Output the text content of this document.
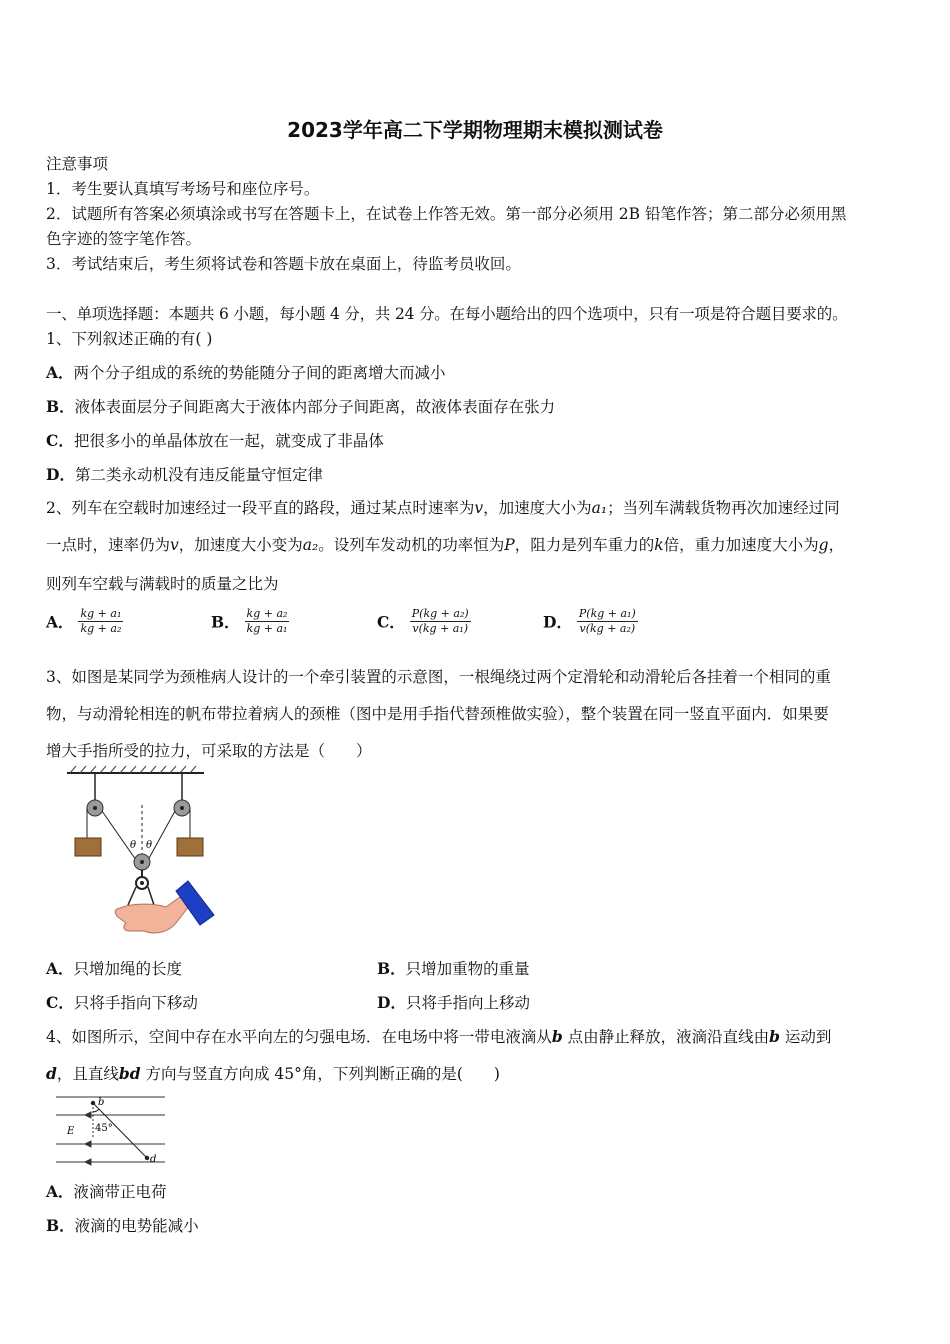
2023学年高二下学期物理期末模拟测试卷
注意事项
1．考生要认真填写考场号和座位序号。
2．试题所有答案必须填涂或书写在答题卡上，在试卷上作答无效。第一部分必须用 2B 铅笔作答；第二部分必须用黑
色字迹的签字笔作答。
3．考试结束后，考生须将试卷和答题卡放在桌面上，待监考员收回。
一、单项选择题：本题共 6 小题，每小题 4 分，共 24 分。在每小题给出的四个选项中，只有一项是符合题目要求的。
1、下列叙述正确的有( )
A．两个分子组成的系统的势能随分子间的距离增大而减小
B．液体表面层分子间距离大于液体内部分子间距离，故液体表面存在张力
C．把很多小的单晶体放在一起，就变成了非晶体
D．第二类永动机没有违反能量守恒定律
2、列车在空载时加速经过一段平直的路段，通过某点时速率为v，加速度大小为a₁；当列车满载货物再次加速经过同
一点时，速率仍为v，加速度大小变为a₂。设列车发动机的功率恒为P，阻力是列车重力的k倍，重力加速度大小为g，
则列车空载与满载时的质量之比为
A． $\frac{\text{kg + a₁}}{\text{kg + a₂}}$	B． $\frac{\text{kg + a₂}}{\text{kg + a₁}}$	C． $\frac{\text{P(kg + a₂)}}{\text{v(kg + a₁)}}$	D． $\frac{\text{P(kg + a₁)}}{\text{v(kg + a₂)}}$
3、如图是某同学为颈椎病人设计的一个牵引装置的示意图，一根绳绕过两个定滑轮和动滑轮后各挂着一个相同的重
物，与动滑轮相连的帆布带拉着病人的颈椎（图中是用手指代替颈椎做实验），整个装置在同一竖直平面内．如果要
增大手指所受的拉力，可采取的方法是（　　）
θ θ
A．只增加绳的长度	B．只增加重物的重量
C．只将手指向下移动	D．只将手指向上移动
4、如图所示，空间中存在水平向左的匀强电场．在电场中将一带电液滴从b 点由静止释放，液滴沿直线由b 运动到
d，且直线bd 方向与竖直方向成 45°角，下列判断正确的是(　　)
b
E 45°
d
A．液滴带正电荷
B．液滴的电势能减小
